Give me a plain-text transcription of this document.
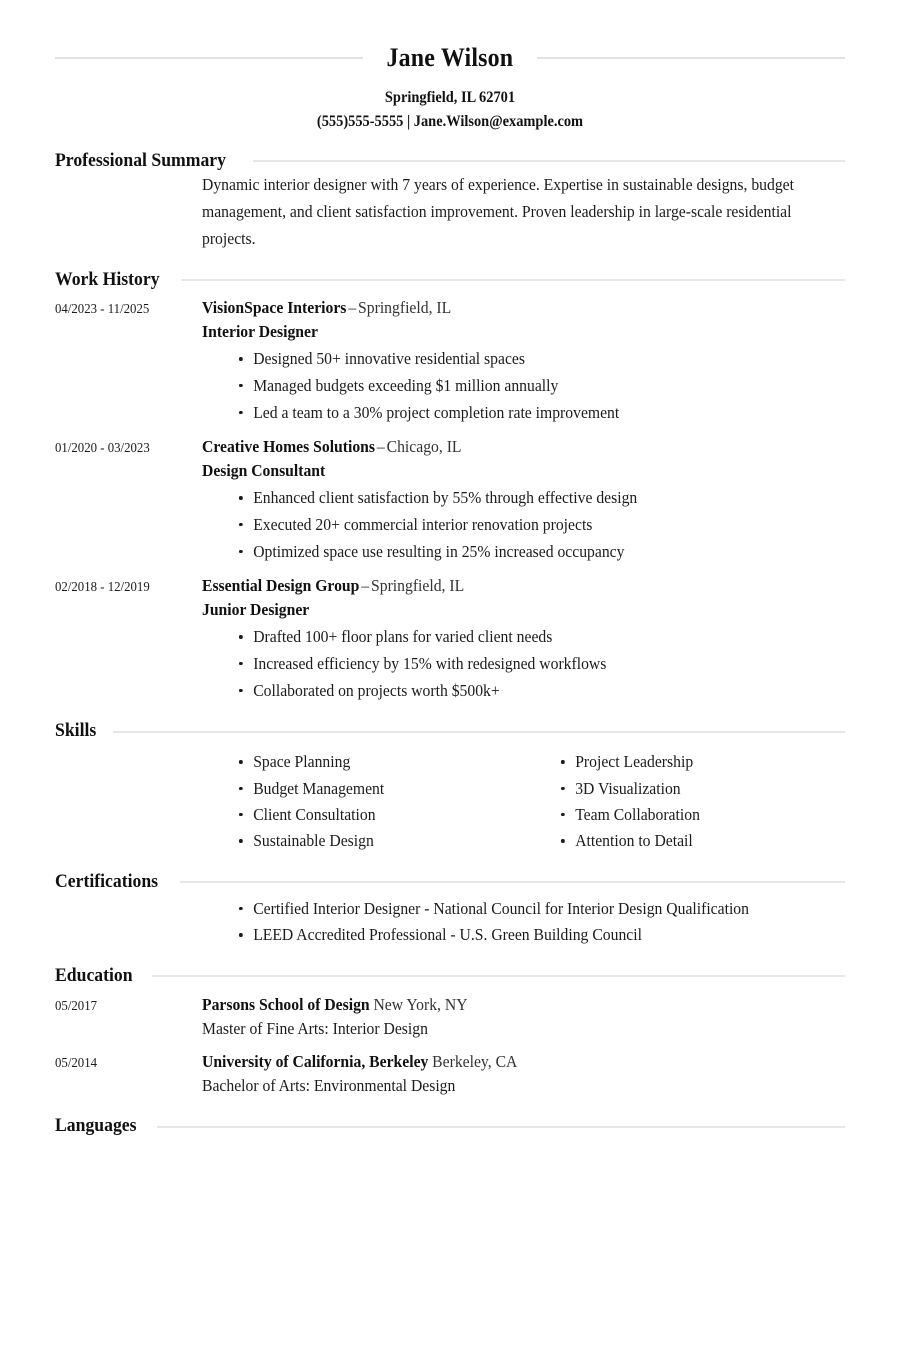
Jane Wilson
Springfield, IL 62701
(555)555-5555 | Jane.Wilson@example.com
Professional Summary
Dynamic interior designer with 7 years of experience. Expertise in sustainable designs, budget management, and client satisfaction improvement. Proven leadership in large-scale residential projects.
Work History
04/2023 - 11/2025	VisionSpace Interiors – Springfield, IL
Interior Designer
Designed 50+ innovative residential spaces
Managed budgets exceeding $1 million annually
Led a team to a 30% project completion rate improvement
01/2020 - 03/2023	Creative Homes Solutions – Chicago, IL
Design Consultant
Enhanced client satisfaction by 55% through effective design
Executed 20+ commercial interior renovation projects
Optimized space use resulting in 25% increased occupancy
02/2018 - 12/2019	Essential Design Group – Springfield, IL
Junior Designer
Drafted 100+ floor plans for varied client needs
Increased efficiency by 15% with redesigned workflows
Collaborated on projects worth $500k+
Skills
Space Planning
Budget Management
Client Consultation
Sustainable Design
Project Leadership
3D Visualization
Team Collaboration
Attention to Detail
Certifications
Certified Interior Designer - National Council for Interior Design Qualification
LEED Accredited Professional - U.S. Green Building Council
Education
05/2017	Parsons School of Design New York, NY
Master of Fine Arts: Interior Design
05/2014	University of California, Berkeley Berkeley, CA
Bachelor of Arts: Environmental Design
Languages
